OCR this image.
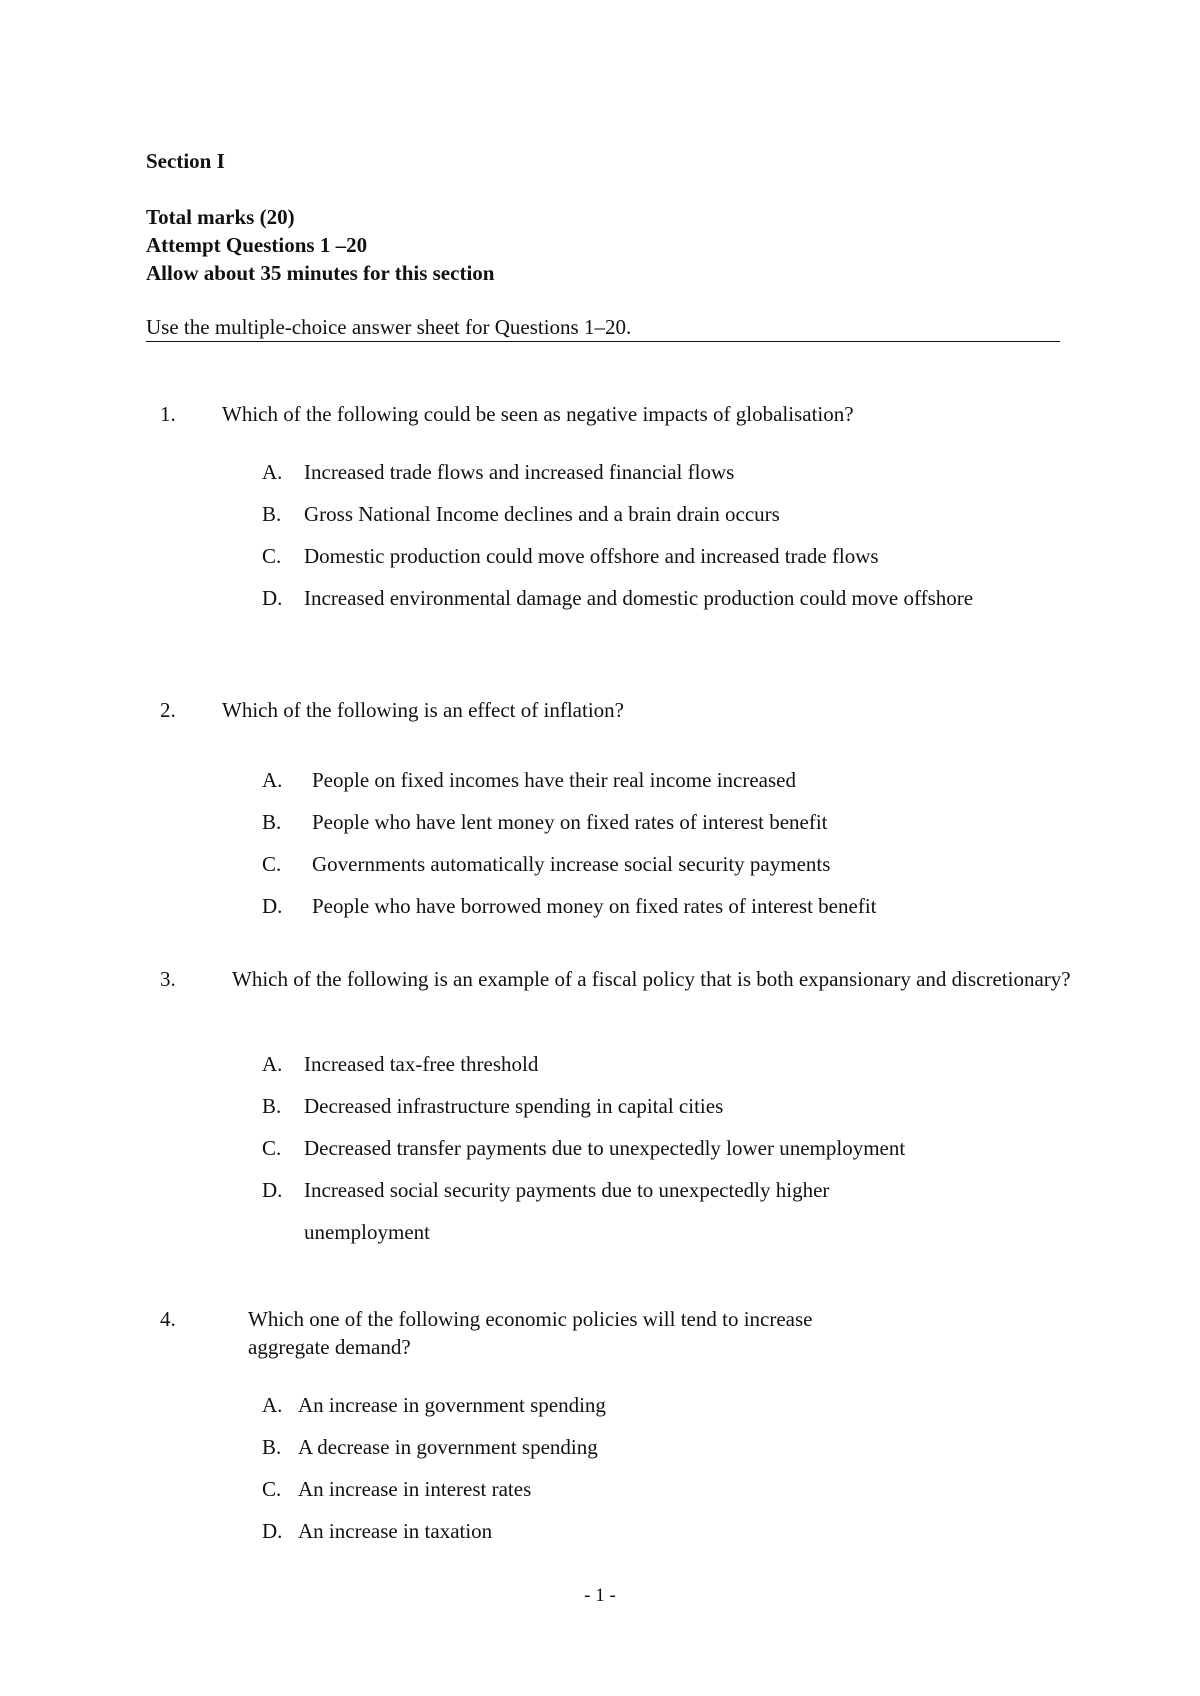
Section I
Total marks (20)
Attempt Questions 1 –20
Allow about 35 minutes for this section
Use the multiple-choice answer sheet for Questions 1–20.
1. Which of the following could be seen as negative impacts of globalisation?
A. Increased trade flows and increased financial flows
B. Gross National Income declines and a brain drain occurs
C. Domestic production could move offshore and increased trade flows
D. Increased environmental damage and domestic production could move offshore
2. Which of the following is an effect of inflation?
A. People on fixed incomes have their real income increased
B. People who have lent money on fixed rates of interest benefit
C. Governments automatically increase social security payments
D. People who have borrowed money on fixed rates of interest benefit
3.	Which of the following is an example of a fiscal policy that is both expansionary and discretionary?
A. Increased tax-free threshold
B. Decreased infrastructure spending in capital cities
C. Decreased transfer payments due to unexpectedly lower unemployment
D. Increased social security payments due to unexpectedly higher unemployment
4.	Which one of the following economic policies will tend to increase aggregate demand?
A. An increase in government spending
B. A decrease in government spending
C. An increase in interest rates
D. An increase in taxation
- 1 -
